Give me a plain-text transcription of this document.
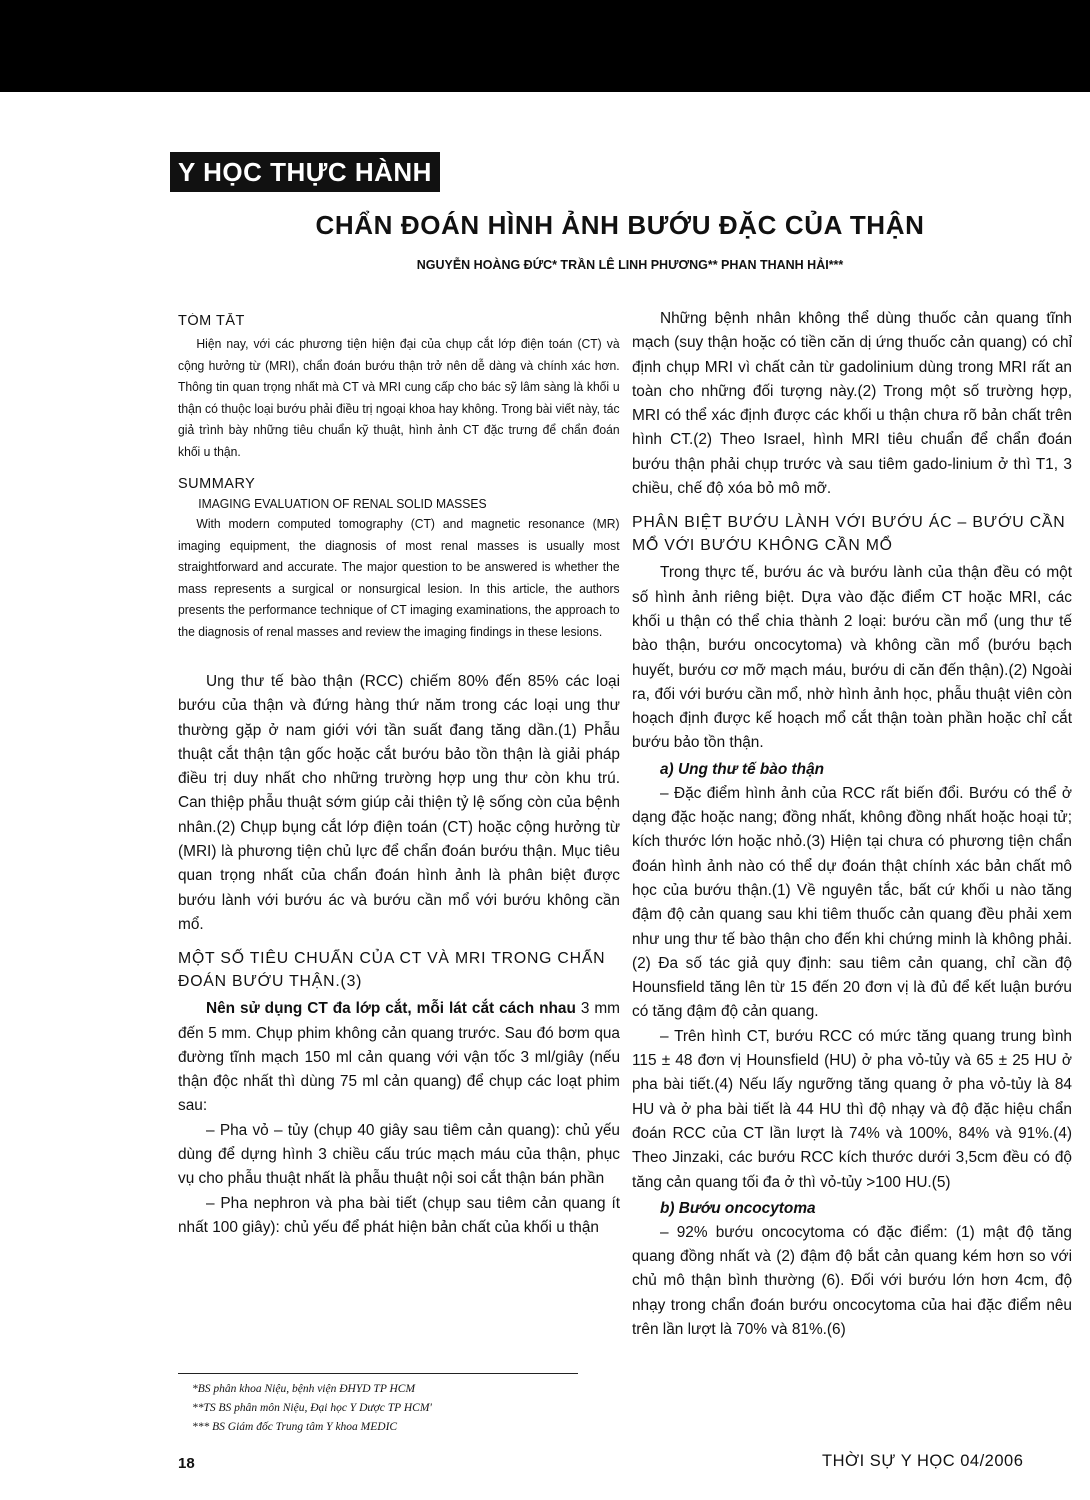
Y HỌC THỰC HÀNH
CHẨN ĐOÁN HÌNH ẢNH BƯỚU ĐẶC CỦA THẬN
NGUYỄN HOÀNG ĐỨC* TRẦN LÊ LINH PHƯƠNG** PHAN THANH HẢI***

TÓM TẮT

Hiện nay, với các phương tiện hiện đại của chụp cắt lớp điện toán (CT) và cộng hưởng từ (MRI), chẩn đoán bướu thận trở nên dễ dàng và chính xác hơn. Thông tin quan trọng nhất mà CT và MRI cung cấp cho bác sỹ lâm sàng là khối u thận có thuộc loại bướu phải điều trị ngoại khoa hay không. Trong bài viết này, tác giả trình bày những tiêu chuẩn kỹ thuật, hình ảnh CT đặc trưng để chẩn đoán khối u thận.

SUMMARY

IMAGING EVALUATION OF RENAL SOLID MASSES

With modern computed tomography (CT) and magnetic resonance (MR) imaging equipment, the diagnosis of most renal masses is usually most straightforward and accurate. The major question to be answered is whether the mass represents a surgical or nonsurgical lesion. In this article, the authors presents the performance technique of CT imaging examinations, the approach to the diagnosis of renal masses and review the imaging findings in these lesions.

Ung thư tế bào thận (RCC) chiếm 80% đến 85% các loại bướu của thận và đứng hàng thứ năm trong các loại ung thư thường gặp ở nam giới với tần suất đang tăng dần.(1) Phẫu thuật cắt thận tận gốc hoặc cắt bướu bảo tồn thận là giải pháp điều trị duy nhất cho những trường hợp ung thư còn khu trú. Can thiệp phẫu thuật sớm giúp cải thiện tỷ lệ sống còn của bệnh nhân.(2) Chụp bụng cắt lớp điện toán (CT) hoặc cộng hưởng từ (MRI) là phương tiện chủ lực để chẩn đoán bướu thận. Mục tiêu quan trọng nhất của chẩn đoán hình ảnh là phân biệt được bướu lành với bướu ác và bướu cần mổ với bướu không cần mổ.

MỘT SỐ TIÊU CHUẨN CỦA CT VÀ MRI TRONG CHẨN ĐOÁN BƯỚU THẬN.(3)

Nên sử dụng CT đa lớp cắt, mỗi lát cắt cách nhau 3 mm đến 5 mm. Chụp phim không cản quang trước. Sau đó bơm qua đường tĩnh mạch 150 ml cản quang với vận tốc 3 ml/giây (nếu thận độc nhất thì dùng 75 ml cản quang) để chụp các loạt phim sau:

– Pha vỏ – tủy (chụp 40 giây sau tiêm cản quang): chủ yếu dùng để dựng hình 3 chiều cấu trúc mạch máu của thận, phục vụ cho phẫu thuật nhất là phẫu thuật nội soi cắt thận bán phần

– Pha nephron và pha bài tiết (chụp sau tiêm cản quang ít nhất 100 giây): chủ yếu để phát hiện bản chất của khối u thận

Những bệnh nhân không thể dùng thuốc cản quang tĩnh mạch (suy thận hoặc có tiền căn dị ứng thuốc cản quang) có chỉ định chụp MRI vì chất cản từ gadolinium dùng trong MRI rất an toàn cho những đối tượng này.(2) Trong một số trường hợp, MRI có thể xác định được các khối u thận chưa rõ bản chất trên hình CT.(2) Theo Israel, hình MRI tiêu chuẩn để chẩn đoán bướu thận phải chụp trước và sau tiêm gado-linium ở thì T1, 3 chiều, chế độ xóa bỏ mô mỡ.

PHÂN BIỆT BƯỚU LÀNH VỚI BƯỚU ÁC – BƯỚU CẦN MỔ VỚI BƯỚU KHÔNG CẦN MỔ

Trong thực tế, bướu ác và bướu lành của thận đều có một số hình ảnh riêng biệt. Dựa vào đặc điểm CT hoặc MRI, các khối u thận có thể chia thành 2 loại: bướu cần mổ (ung thư tế bào thận, bướu oncocytoma) và không cần mổ (bướu bạch huyết, bướu cơ mỡ mạch máu, bướu di căn đến thận).(2) Ngoài ra, đối với bướu cần mổ, nhờ hình ảnh học, phẫu thuật viên còn hoạch định được kế hoạch mổ cắt thận toàn phần hoặc chỉ cắt bướu bảo tồn thận.

a) Ung thư tế bào thận

– Đặc điểm hình ảnh của RCC rất biến đổi. Bướu có thể ở dạng đặc hoặc nang; đồng nhất, không đồng nhất hoặc hoại tử; kích thước lớn hoặc nhỏ.(3) Hiện tại chưa có phương tiện chẩn đoán hình ảnh nào có thể dự đoán thật chính xác bản chất mô học của bướu thận.(1) Về nguyên tắc, bất cứ khối u nào tăng đậm độ cản quang sau khi tiêm thuốc cản quang đều phải xem như ung thư tế bào thận cho đến khi chứng minh là không phải.(2) Đa số tác giả quy định: sau tiêm cản quang, chỉ cần độ Hounsfield tăng lên từ 15 đến 20 đơn vị là đủ để kết luận bướu có tăng đậm độ cản quang.

– Trên hình CT, bướu RCC có mức tăng quang trung bình 115 ± 48 đơn vị Hounsfield (HU) ở pha vỏ-tủy và 65 ± 25 HU ở pha bài tiết.(4) Nếu lấy ngưỡng tăng quang ở pha vỏ-tủy là 84 HU và ở pha bài tiết là 44 HU thì độ nhạy và độ đặc hiệu chẩn đoán RCC của CT lần lượt là 74% và 100%, 84% và 91%.(4) Theo Jinzaki, các bướu RCC kích thước dưới 3,5cm đều có độ tăng cản quang tối đa ở thì vỏ-tủy >100 HU.(5)

b) Bướu oncocytoma

– 92% bướu oncocytoma có đặc điểm: (1) mật độ tăng quang đồng nhất và (2) đậm độ bắt cản quang kém hơn so với chủ mô thận bình thường (6). Đối với bướu lớn hơn 4cm, độ nhạy trong chẩn đoán bướu oncocytoma của hai đặc điểm nêu trên lần lượt là 70% và 81%.(6)

*BS phân khoa Niệu, bệnh viện ĐHYD TP HCM
**TS BS phân môn Niệu, Đại học Y Dược TP HCM'
*** BS Giám đốc Trung tâm Y khoa MEDIC
18	THỜI SỰ Y HỌC 04/2006
